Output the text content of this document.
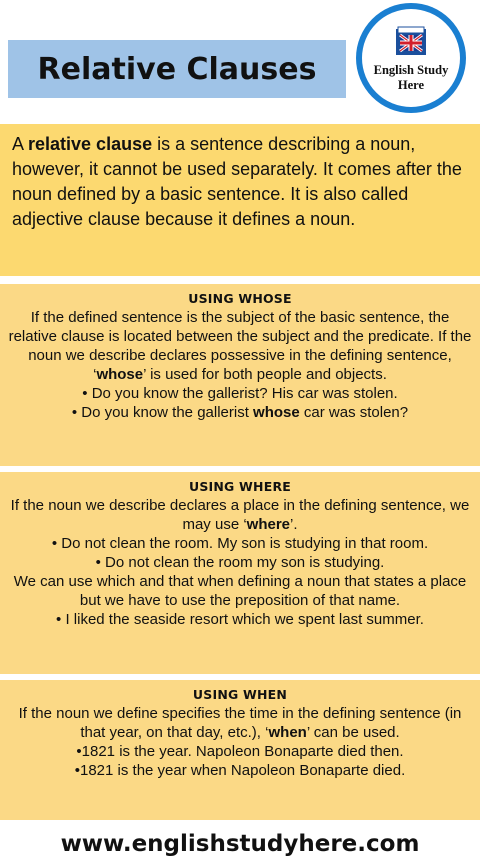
Relative Clauses	English Study
Here
A relative clause is a sentence describing a noun, however, it cannot be used separately. It comes after the noun defined by a basic sentence. It is also called adjective clause because it defines a noun.
USING WHOSE

If the defined sentence is the subject of the basic sentence, the relative clause is located between the subject and the predicate. If the noun we describe declares possessive in the defining sentence, ‘whose’ is used for both people and objects.

• Do you know the gallerist? His car was stolen.

• Do you know the gallerist whose car was stolen?

USING WHERE

If the noun we describe declares a place in the defining sentence, we may use ‘where’.

• Do not clean the room. My son is studying in that room.

• Do not clean the room my son is studying.

We can use which and that when defining a noun that states a place but we have to use the preposition of that name.

• I liked the seaside resort which we spent last summer.

USING WHEN

If the noun we define specifies the time in the defining sentence (in that year, on that day, etc.), ‘when’ can be used.

•1821 is the year. Napoleon Bonaparte died then.

•1821 is the year when Napoleon Bonaparte died.

www.englishstudyhere.com
